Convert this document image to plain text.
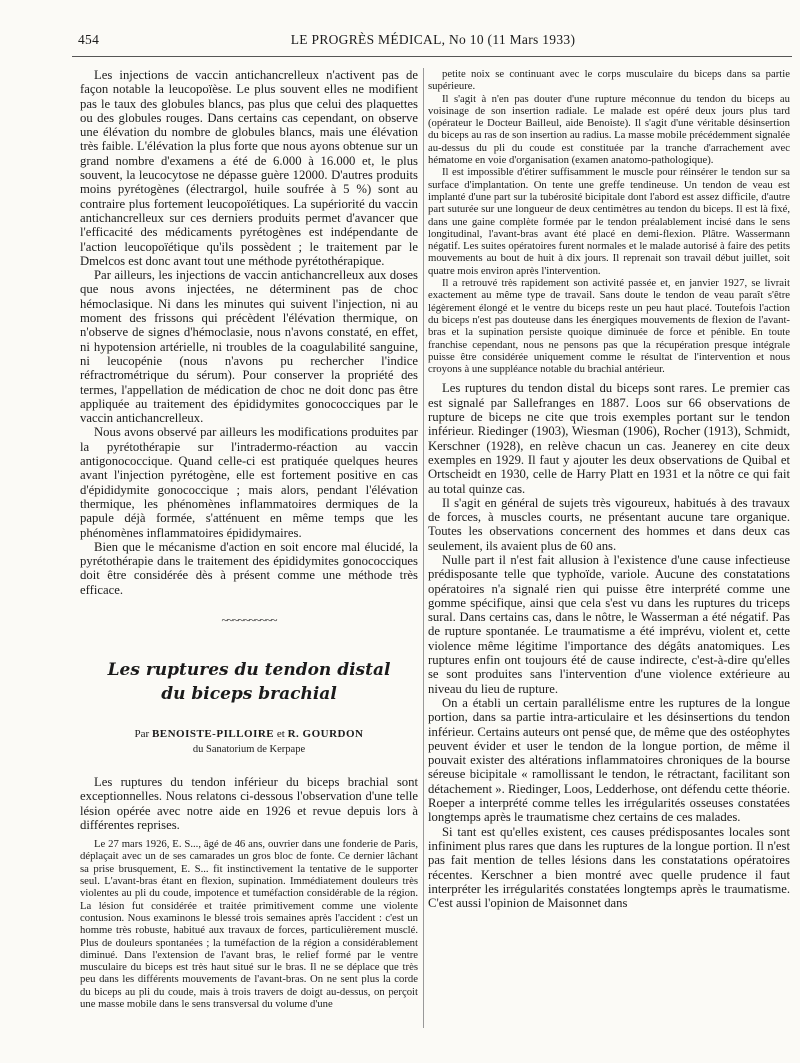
454	LE PROGRÈS MÉDICAL, No 10 (11 Mars 1933)

Les injections de vaccin antichancrelleux n'activent pas de façon notable la leucopoïèse. Le plus souvent elles ne modifient pas le taux des globules blancs, pas plus que celui des plaquettes ou des globules rouges. Dans certains cas cependant, on observe une élévation du nombre de globules blancs, mais une élévation très faible. L'élévation la plus forte que nous ayons obtenue sur un grand nombre d'examens a été de 6.000 à 16.000 et, le plus souvent, la leucocytose ne dépasse guère 12000. D'autres produits moins pyrétogènes (électrargol, huile soufrée à 5 %) sont au contraire plus fortement leucopoïétiques. La supériorité du vaccin antichancrelleux sur ces derniers produits permet d'avancer que l'efficacité des médicaments pyrétogènes est indépendante de l'action leucopoïétique qu'ils possèdent ; le traitement par le Dmelcos est donc avant tout une méthode pyrétothérapique.

Par ailleurs, les injections de vaccin antichancrelleux aux doses que nous avons injectées, ne déterminent pas de choc hémoclasique. Ni dans les minutes qui suivent l'injection, ni au moment des frissons qui précèdent l'élévation thermique, on n'observe de signes d'hémoclasie, nous n'avons constaté, en effet, ni hypotension artérielle, ni troubles de la coagulabilité sanguine, ni leucopénie (nous n'avons pu rechercher l'indice réfractrométrique du sérum). Pour conserver la propriété des termes, l'appellation de médication de choc ne doit donc pas être appliquée au traitement des épididymites gonococciques par le vaccin antichancrelleux.

Nous avons observé par ailleurs les modifications produites par la pyrétothérapie sur l'intradermo-réaction au vaccin antigonococcique. Quand celle-ci est pratiquée quelques heures avant l'injection pyrétogène, elle est fortement positive en cas d'épididymite gonococcique ; mais alors, pendant l'élévation thermique, les phénomènes inflammatoires dermiques de la papule déjà formée, s'atténuent en même temps que les phénomènes inflammatoires épididymaires.

Bien que le mécanisme d'action en soit encore mal élucidé, la pyrétothérapie dans le traitement des épididymites gonococciques doit être considérée dès à présent comme une méthode très efficace.

~~~~~~~~~~

Les ruptures du tendon distal

du biceps brachial

Par BENOISTE-PILLOIRE et R. GOURDON

du Sanatorium de Kerpape

Les ruptures du tendon inférieur du biceps brachial sont exceptionnelles. Nous relatons ci-dessous l'observation d'une telle lésion opérée avec notre aide en 1926 et revue depuis lors à différentes reprises.

Le 27 mars 1926, E. S..., âgé de 46 ans, ouvrier dans une fonderie de Paris, déplaçait avec un de ses camarades un gros bloc de fonte. Ce dernier lâchant sa prise brusquement, E. S... fit instinctivement la tentative de le supporter seul. L'avant-bras étant en flexion, supination. Immédiatement douleurs très violentes au pli du coude, impotence et tuméfaction considérable de la région. La lésion fut considérée et traitée primitivement comme une violente contusion. Nous examinons le blessé trois semaines après l'accident : c'est un homme très robuste, habitué aux travaux de forces, particulièrement musclé. Plus de douleurs spontanées ; la tuméfaction de la région a considérablement diminué. Dans l'extension de l'avant bras, le relief formé par le ventre musculaire du biceps est très haut situé sur le bras. Il ne se déplace que très peu dans les différents mouvements de l'avant-bras. On ne sent plus la corde du biceps au pli du coude, mais à trois travers de doigt au-dessus, on perçoit une masse mobile dans le sens transversal du volume d'une

petite noix se continuant avec le corps musculaire du biceps dans sa partie supérieure.

Il s'agit à n'en pas douter d'une rupture méconnue du tendon du biceps au voisinage de son insertion radiale. Le malade est opéré deux jours plus tard (opérateur le Docteur Bailleul, aide Benoiste). Il s'agit d'une véritable désinsertion du biceps au ras de son insertion au radius. La masse mobile précédemment signalée au-dessus du pli du coude est constituée par la tranche d'arrachement avec hématome en voie d'organisation (examen anatomo-pathologique).

Il est impossible d'étirer suffisamment le muscle pour réinsérer le tendon sur sa surface d'implantation. On tente une greffe tendineuse. Un tendon de veau est implanté d'une part sur la tubérosité bicipitale dont l'abord est assez difficile, d'autre part suturée sur une longueur de deux centimètres au tendon du biceps. Il est là fixé, dans une gaine complète formée par le tendon préalablement incisé dans le sens longitudinal, l'avant-bras avant été placé en demi-flexion. Plâtre. Wassermann négatif. Les suites opératoires furent normales et le malade autorisé à faire des petits mouvements au bout de huit à dix jours. Il reprenait son travail début juillet, soit quatre mois environ après l'intervention.

Il a retrouvé très rapidement son activité passée et, en janvier 1927, se livrait exactement au même type de travail. Sans doute le tendon de veau paraît s'être légèrement élongé et le ventre du biceps reste un peu haut placé. Toutefois l'action du biceps n'est pas douteuse dans les énergiques mouvements de flexion de l'avant-bras et la supination persiste quoique diminuée de force et pénible. En toute franchise cependant, nous ne pensons pas que la récupération presque intégrale puisse être considérée uniquement comme le résultat de l'intervention et nous croyons à une suppléance notable du brachial antérieur.

Les ruptures du tendon distal du biceps sont rares. Le premier cas est signalé par Sallefranges en 1887. Loos sur 66 observations de rupture de biceps ne cite que trois exemples portant sur le tendon inférieur. Riedinger (1903), Wiesman (1906), Rocher (1913), Schmidt, Kerschner (1928), en relève chacun un cas. Jeanerey en cite deux exemples en 1929. Il faut y ajouter les deux observations de Quibal et Ortscheidt en 1930, celle de Harry Platt en 1931 et la nôtre ce qui fait au total quinze cas.

Il s'agit en général de sujets très vigoureux, habitués à des travaux de forces, à muscles courts, ne présentant aucune tare organique. Toutes les observations concernent des hommes et dans deux cas seulement, ils avaient plus de 60 ans.

Nulle part il n'est fait allusion à l'existence d'une cause infectieuse prédisposante telle que typhoïde, variole. Aucune des constatations opératoires n'a signalé rien qui puisse être interprété comme une gomme spécifique, ainsi que cela s'est vu dans les ruptures du triceps sural. Dans certains cas, dans le nôtre, le Wasserman a été négatif. Pas de rupture spontanée. Le traumatisme a été imprévu, violent et, cette violence même légitime l'importance des dégâts anatomiques. Les ruptures enfin ont toujours été de cause indirecte, c'est-à-dire qu'elles se sont produites sans l'intervention d'une violence extérieure au niveau du lieu de rupture.

On a établi un certain parallélisme entre les ruptures de la longue portion, dans sa partie intra-articulaire et les désinsertions du tendon inférieur. Certains auteurs ont pensé que, de même que des ostéophytes peuvent évider et user le tendon de la longue portion, de même il pouvait exister des altérations inflammatoires chroniques de la bourse séreuse bicipitale « ramollissant le tendon, le rétractant, facilitant son détachement ». Riedinger, Loos, Ledderhose, ont défendu cette théorie. Roeper a interprété comme telles les irrégularités osseuses constatées longtemps après le traumatisme chez certains de ces malades.

Si tant est qu'elles existent, ces causes prédisposantes locales sont infiniment plus rares que dans les ruptures de la longue portion. Il n'est pas fait mention de telles lésions dans les constatations opératoires récentes. Kerschner a bien montré avec quelle prudence il faut interpréter les irrégularités constatées longtemps après le traumatisme. C'est aussi l'opinion de Maisonnet dans
